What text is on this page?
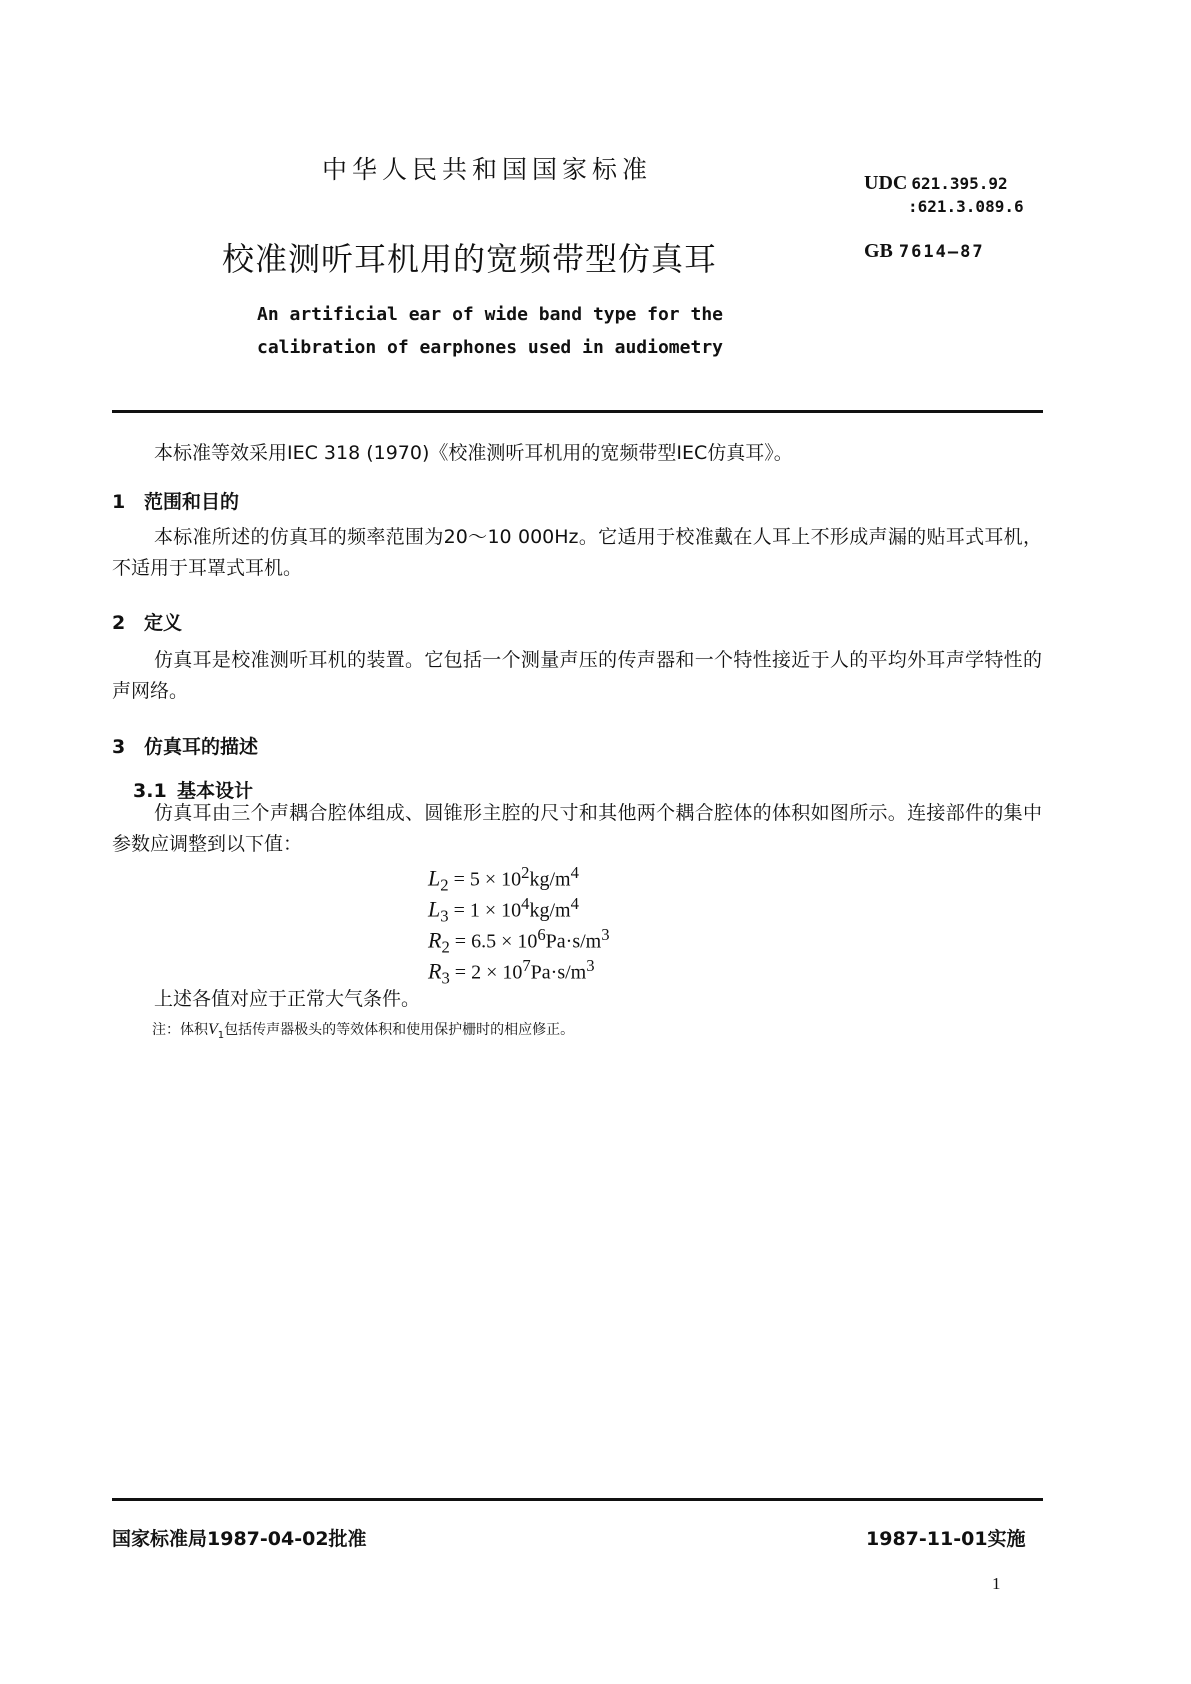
中华人民共和国国家标准	UDC 621.395.92
:621.3.089.6
GB 7614—87
校准测听耳机用的宽频带型仿真耳
An artificial ear of wide band type for the
calibration of earphones used in audiometry
本标准等效采用IEC 318 (1970)《校准测听耳机用的宽频带型IEC仿真耳》。
1 范围和目的
本标准所述的仿真耳的频率范围为20～10 000Hz。它适用于校准戴在人耳上不形成声漏的贴耳式耳机，不适用于耳罩式耳机。
2 定义
仿真耳是校准测听耳机的装置。它包括一个测量声压的传声器和一个特性接近于人的平均外耳声学特性的声网络。
3 仿真耳的描述
3.1 基本设计
仿真耳由三个声耦合腔体组成、圆锥形主腔的尺寸和其他两个耦合腔体的体积如图所示。连接部件的集中参数应调整到以下值：
$L_2 = 5 \times 10^2kg/m^4$
$L_3 = 1 \times 10^4kg/m^4$
$R_2 = 6.5 \times 10^6Pa\cdot s/m^3$
$R_3 = 2 \times 10^7Pa\cdot s/m^3$
上述各值对应于正常大气条件。
注：体积$V_1$包括传声器极头的等效体积和使用保护栅时的相应修正。
国家标准局1987-04-02批准	1987-11-01实施
1
